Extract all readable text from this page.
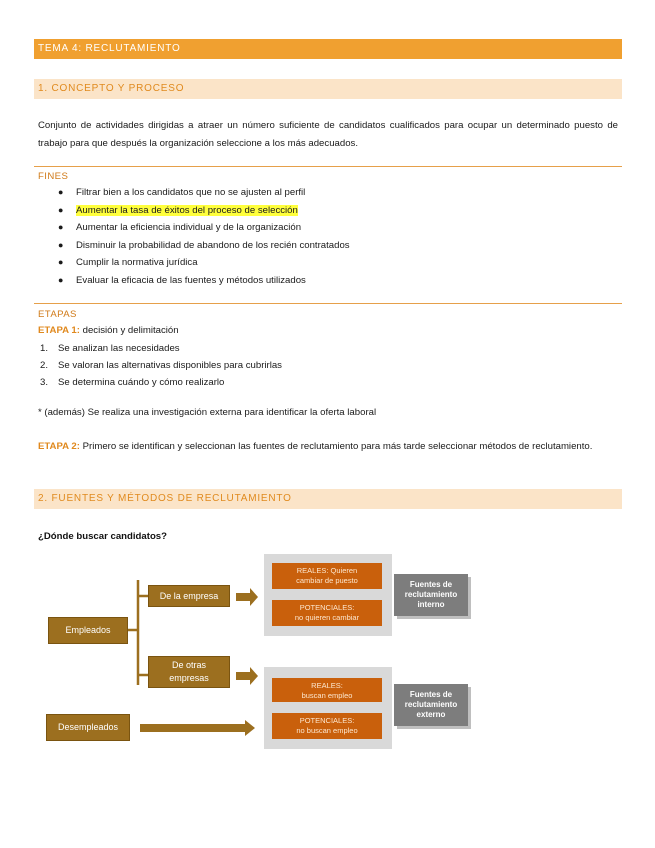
TEMA 4: RECLUTAMIENTO
1. CONCEPTO Y PROCESO
Conjunto de actividades dirigidas a atraer un número suficiente de candidatos cualificados para ocupar un determinado puesto de trabajo para que después la organización seleccione a los más adecuados.
FINES
● Filtrar bien a los candidatos que no se ajusten al perfil
● Aumentar la tasa de éxitos del proceso de selección
● Aumentar la eficiencia individual y de la organización
● Disminuir la probabilidad de abandono de los recién contratados
● Cumplir la normativa jurídica
● Evaluar la eficacia de las fuentes y métodos utilizados
ETAPAS
ETAPA 1: decisión y delimitación
1. Se analizan las necesidades
2. Se valoran las alternativas disponibles para cubrirlas
3. Se determina cuándo y cómo realizarlo
* (además) Se realiza una investigación externa para identificar la oferta laboral
ETAPA 2: Primero se identifican y seleccionan las fuentes de reclutamiento para más tarde seleccionar métodos de reclutamiento.
2. FUENTES Y MÉTODOS DE RECLUTAMIENTO
¿Dónde buscar candidatos?
Empleados
Desempleados
De la empresa
De otras
empresas
REALES: Quieren
cambiar de puesto
POTENCIALES:
no quieren cambiar
REALES:
buscan empleo
POTENCIALES:
no buscan empleo
Fuentes de
reclutamiento
interno
Fuentes de
reclutamiento
externo
